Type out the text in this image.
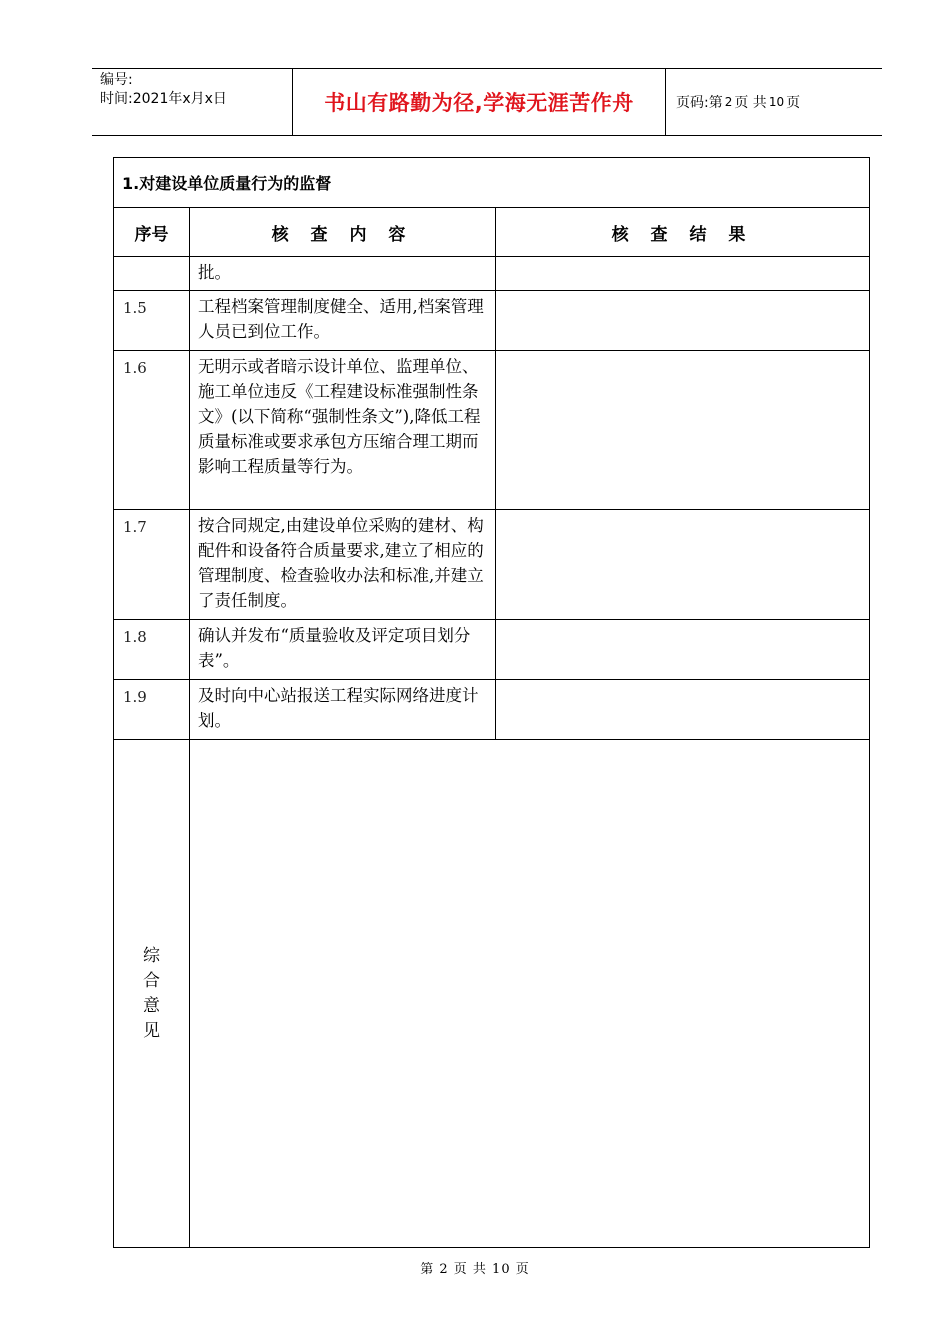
编号:
时间:2021年x月x日	书山有路勤为径,学海无涯苦作舟	页码:第 2 页 共 10 页
1.对建设单位质量行为的监督		
序号	核 查 内 容	核 查 结 果
	批。	
1.5	工程档案管理制度健全、适用,档案管理人员已到位工作。	
1.6	无明示或者暗示设计单位、监理单位、施工单位违反《工程建设标准强制性条文》(以下简称“强制性条文”),降低工程质量标准或要求承包方压缩合理工期而影响工程质量等行为。	
1.7	按合同规定,由建设单位采购的建材、构配件和设备符合质量要求,建立了相应的管理制度、检查验收办法和标准,并建立了责任制度。	
1.8	确认并发布“质量验收及评定项目划分表”。	
1.9	及时向中心站报送工程实际网络进度计划。	
综合意见		
第 2 页 共 10 页
